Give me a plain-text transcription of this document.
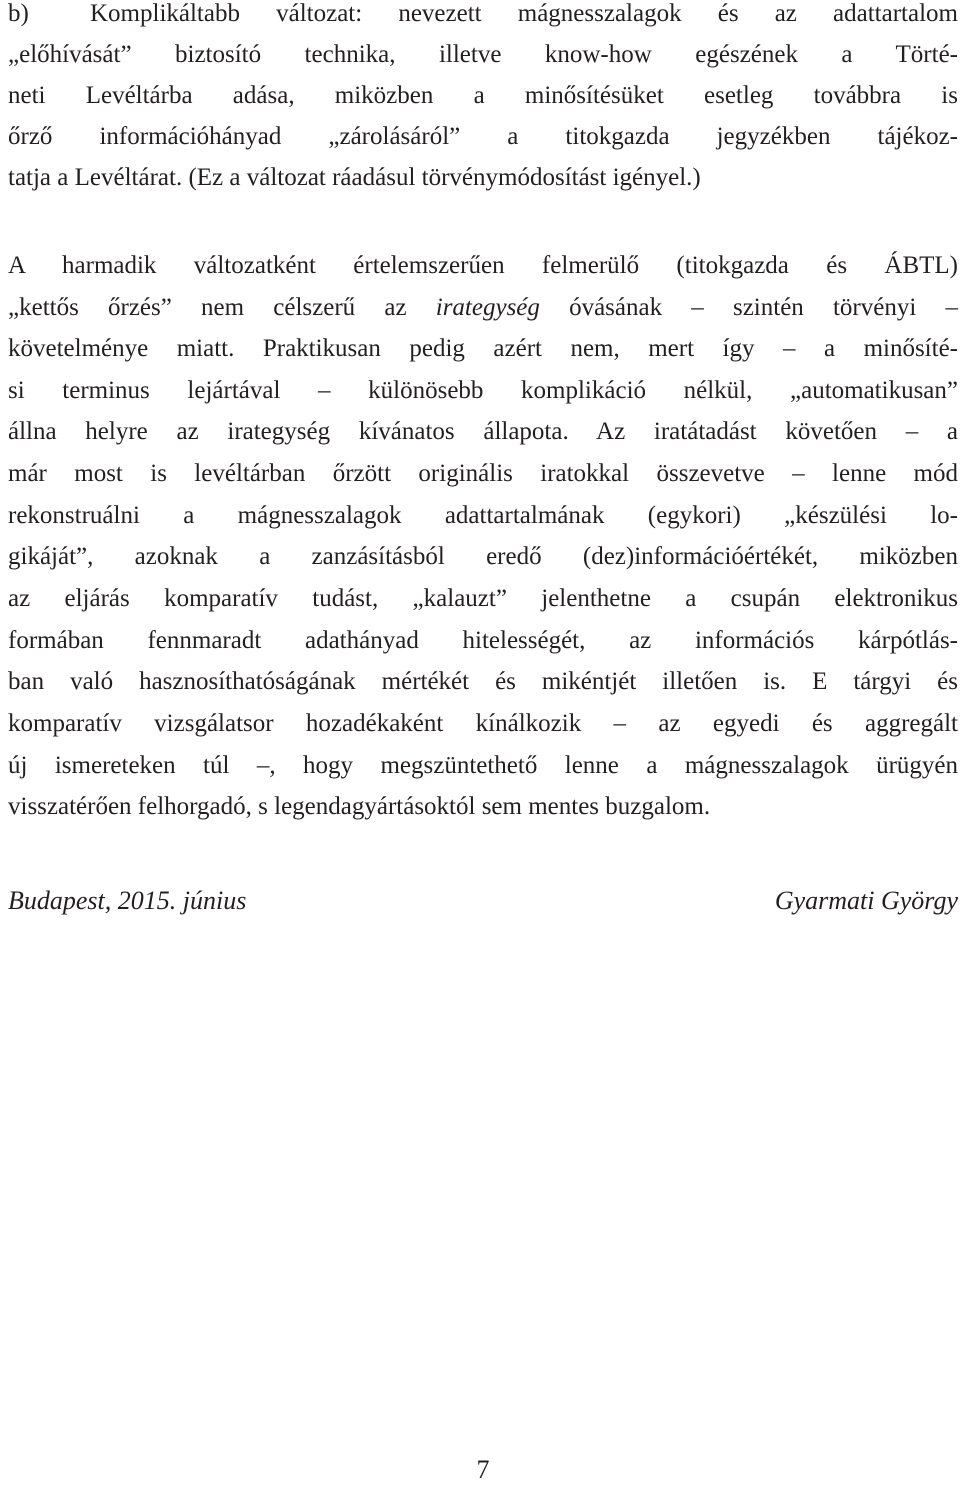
b) Komplikáltabb változat: nevezett mágnesszalagok és az adattartalom
„előhívását” biztosító technika, illetve know-how egészének a Törté-
neti Levéltárba adása, miközben a minősítésüket esetleg továbbra is
őrző információhányad „zárolásáról” a titokgazda jegyzékben tájékoz-
tatja a Levéltárat. (Ez a változat ráadásul törvénymódosítást igényel.)
A harmadik változatként értelemszerűen felmerülő (titokgazda és ÁBTL)
„kettős őrzés” nem célszerű az irategység óvásának – szintén törvényi –
követelménye miatt. Praktikusan pedig azért nem, mert így – a minősíté-
si terminus lejártával – különösebb komplikáció nélkül, „automatikusan”
állna helyre az irategység kívánatos állapota. Az iratátadást követően – a
már most is levéltárban őrzött originális iratokkal összevetve – lenne mód
rekonstruálni a mágnesszalagok adattartalmának (egykori) „készülési lo-
gikáját”, azoknak a zanzásításból eredő (dez)információértékét, miközben
az eljárás komparatív tudást, „kalauzt” jelenthetne a csupán elektronikus
formában fennmaradt adathányad hitelességét, az információs kárpótlás-
ban való hasznosíthatóságának mértékét és mikéntjét illetően is. E tárgyi és
komparatív vizsgálatsor hozadékaként kínálkozik – az egyedi és aggregált
új ismereteken túl –, hogy megszüntethető lenne a mágnesszalagok ürügyén
visszatérően felhorgadó, s legendagyártásoktól sem mentes buzgalom.
Budapest, 2015. június	Gyarmati György
7
